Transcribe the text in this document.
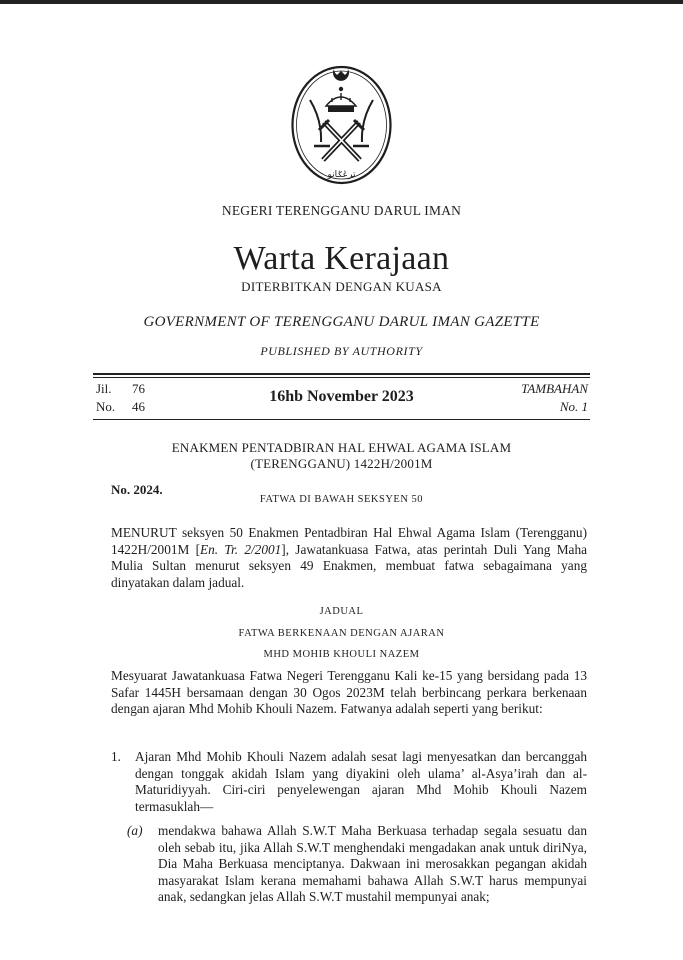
ترڠݢانو
NEGERI TERENGGANU DARUL IMAN
Warta Kerajaan
DITERBITKAN DENGAN KUASA
GOVERNMENT OF TERENGGANU DARUL IMAN GAZETTE
PUBLISHED BY AUTHORITY
Jil. 76
No. 46
16hb November 2023	TAMBAHAN
No. 1
ENAKMEN PENTADBIRAN HAL EHWAL AGAMA ISLAM
(TERENGGANU) 1422H/2001M
No. 2024.
FATWA DI BAWAH SEKSYEN 50
MENURUT seksyen 50 Enakmen Pentadbiran Hal Ehwal Agama Islam (Terengganu) 1422H/2001M [En. Tr. 2/2001], Jawatankuasa Fatwa, atas perintah Duli Yang Maha Mulia Sultan menurut seksyen 49 Enakmen, membuat fatwa sebagaimana yang dinyatakan dalam jadual.
JADUAL
FATWA BERKENAAN DENGAN AJARAN
MHD MOHIB KHOULI NAZEM
Mesyuarat Jawatankuasa Fatwa Negeri Terengganu Kali ke-15 yang bersidang pada 13 Safar 1445H bersamaan dengan 30 Ogos 2023M telah berbincang perkara berkenaan dengan ajaran Mhd Mohib Khouli Nazem. Fatwanya adalah seperti yang berikut:
1. Ajaran Mhd Mohib Khouli Nazem adalah sesat lagi menyesatkan dan bercanggah dengan tonggak akidah Islam yang diyakini oleh ulama’ al-Asya’irah dan al-Maturidiyyah. Ciri-ciri penyelewengan ajaran Mhd Mohib Khouli Nazem termasuklah—
(a) mendakwa bahawa Allah S.W.T Maha Berkuasa terhadap segala sesuatu dan oleh sebab itu, jika Allah S.W.T menghendaki mengadakan anak untuk diriNya, Dia Maha Berkuasa menciptanya. Dakwaan ini merosakkan pegangan akidah masyarakat Islam kerana memahami bahawa Allah S.W.T harus mempunyai anak, sedangkan jelas Allah S.W.T mustahil mempunyai anak;
